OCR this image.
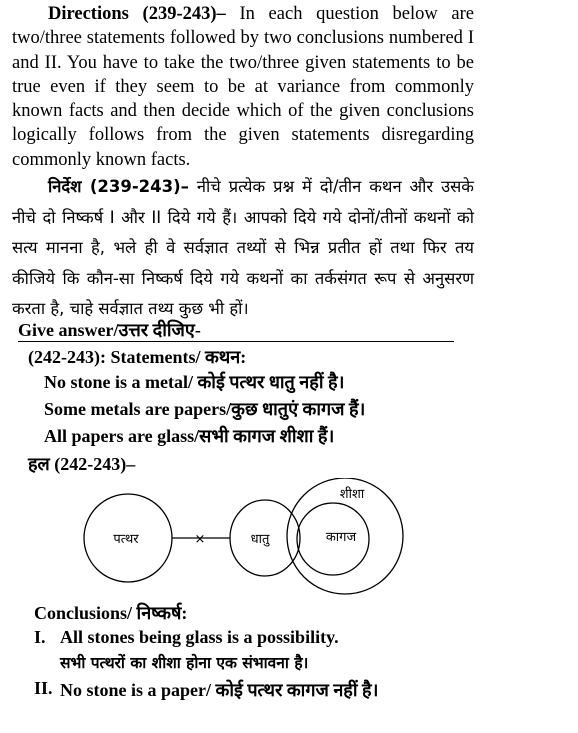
Directions (239-243)– In each question below are two/three statements followed by two conclusions numbered I and II. You have to take the two/three given statements to be true even if they seem to be at variance from commonly known facts and then decide which of the given conclusions logically follows from the given statements disregarding commonly known facts.

निर्देश (239-243)– नीचे प्रत्येक प्रश्न में दो/तीन कथन और उसके नीचे दो निष्कर्ष I और II दिये गये हैं। आपको दिये गये दोनों/तीनों कथनों को सत्य मानना है, भले ही वे सर्वज्ञात तथ्यों से भिन्न प्रतीत हों तथा फिर तय कीजिये कि कौन-सा निष्कर्ष दिये गये कथनों का तर्कसंगत रूप से अनुसरण करता है, चाहे सर्वज्ञात तथ्य कुछ भी हों।

Give answer/उत्तर दीजिए-
(242-243): Statements/ कथन:
No stone is a metal/ कोई पत्थर धातु नहीं है।
Some metals are papers/कुछ धातुएं कागज हैं।
All papers are glass/सभी कागज शीशा हैं।
हल (242-243)–
×
पत्थर	धातु	कागज
शीशा
Conclusions/ निष्कर्ष:
I. All stones being glass is a possibility.
सभी पत्थरों का शीशा होना एक संभावना है।
II. No stone is a paper/ कोई पत्थर कागज नहीं है।
